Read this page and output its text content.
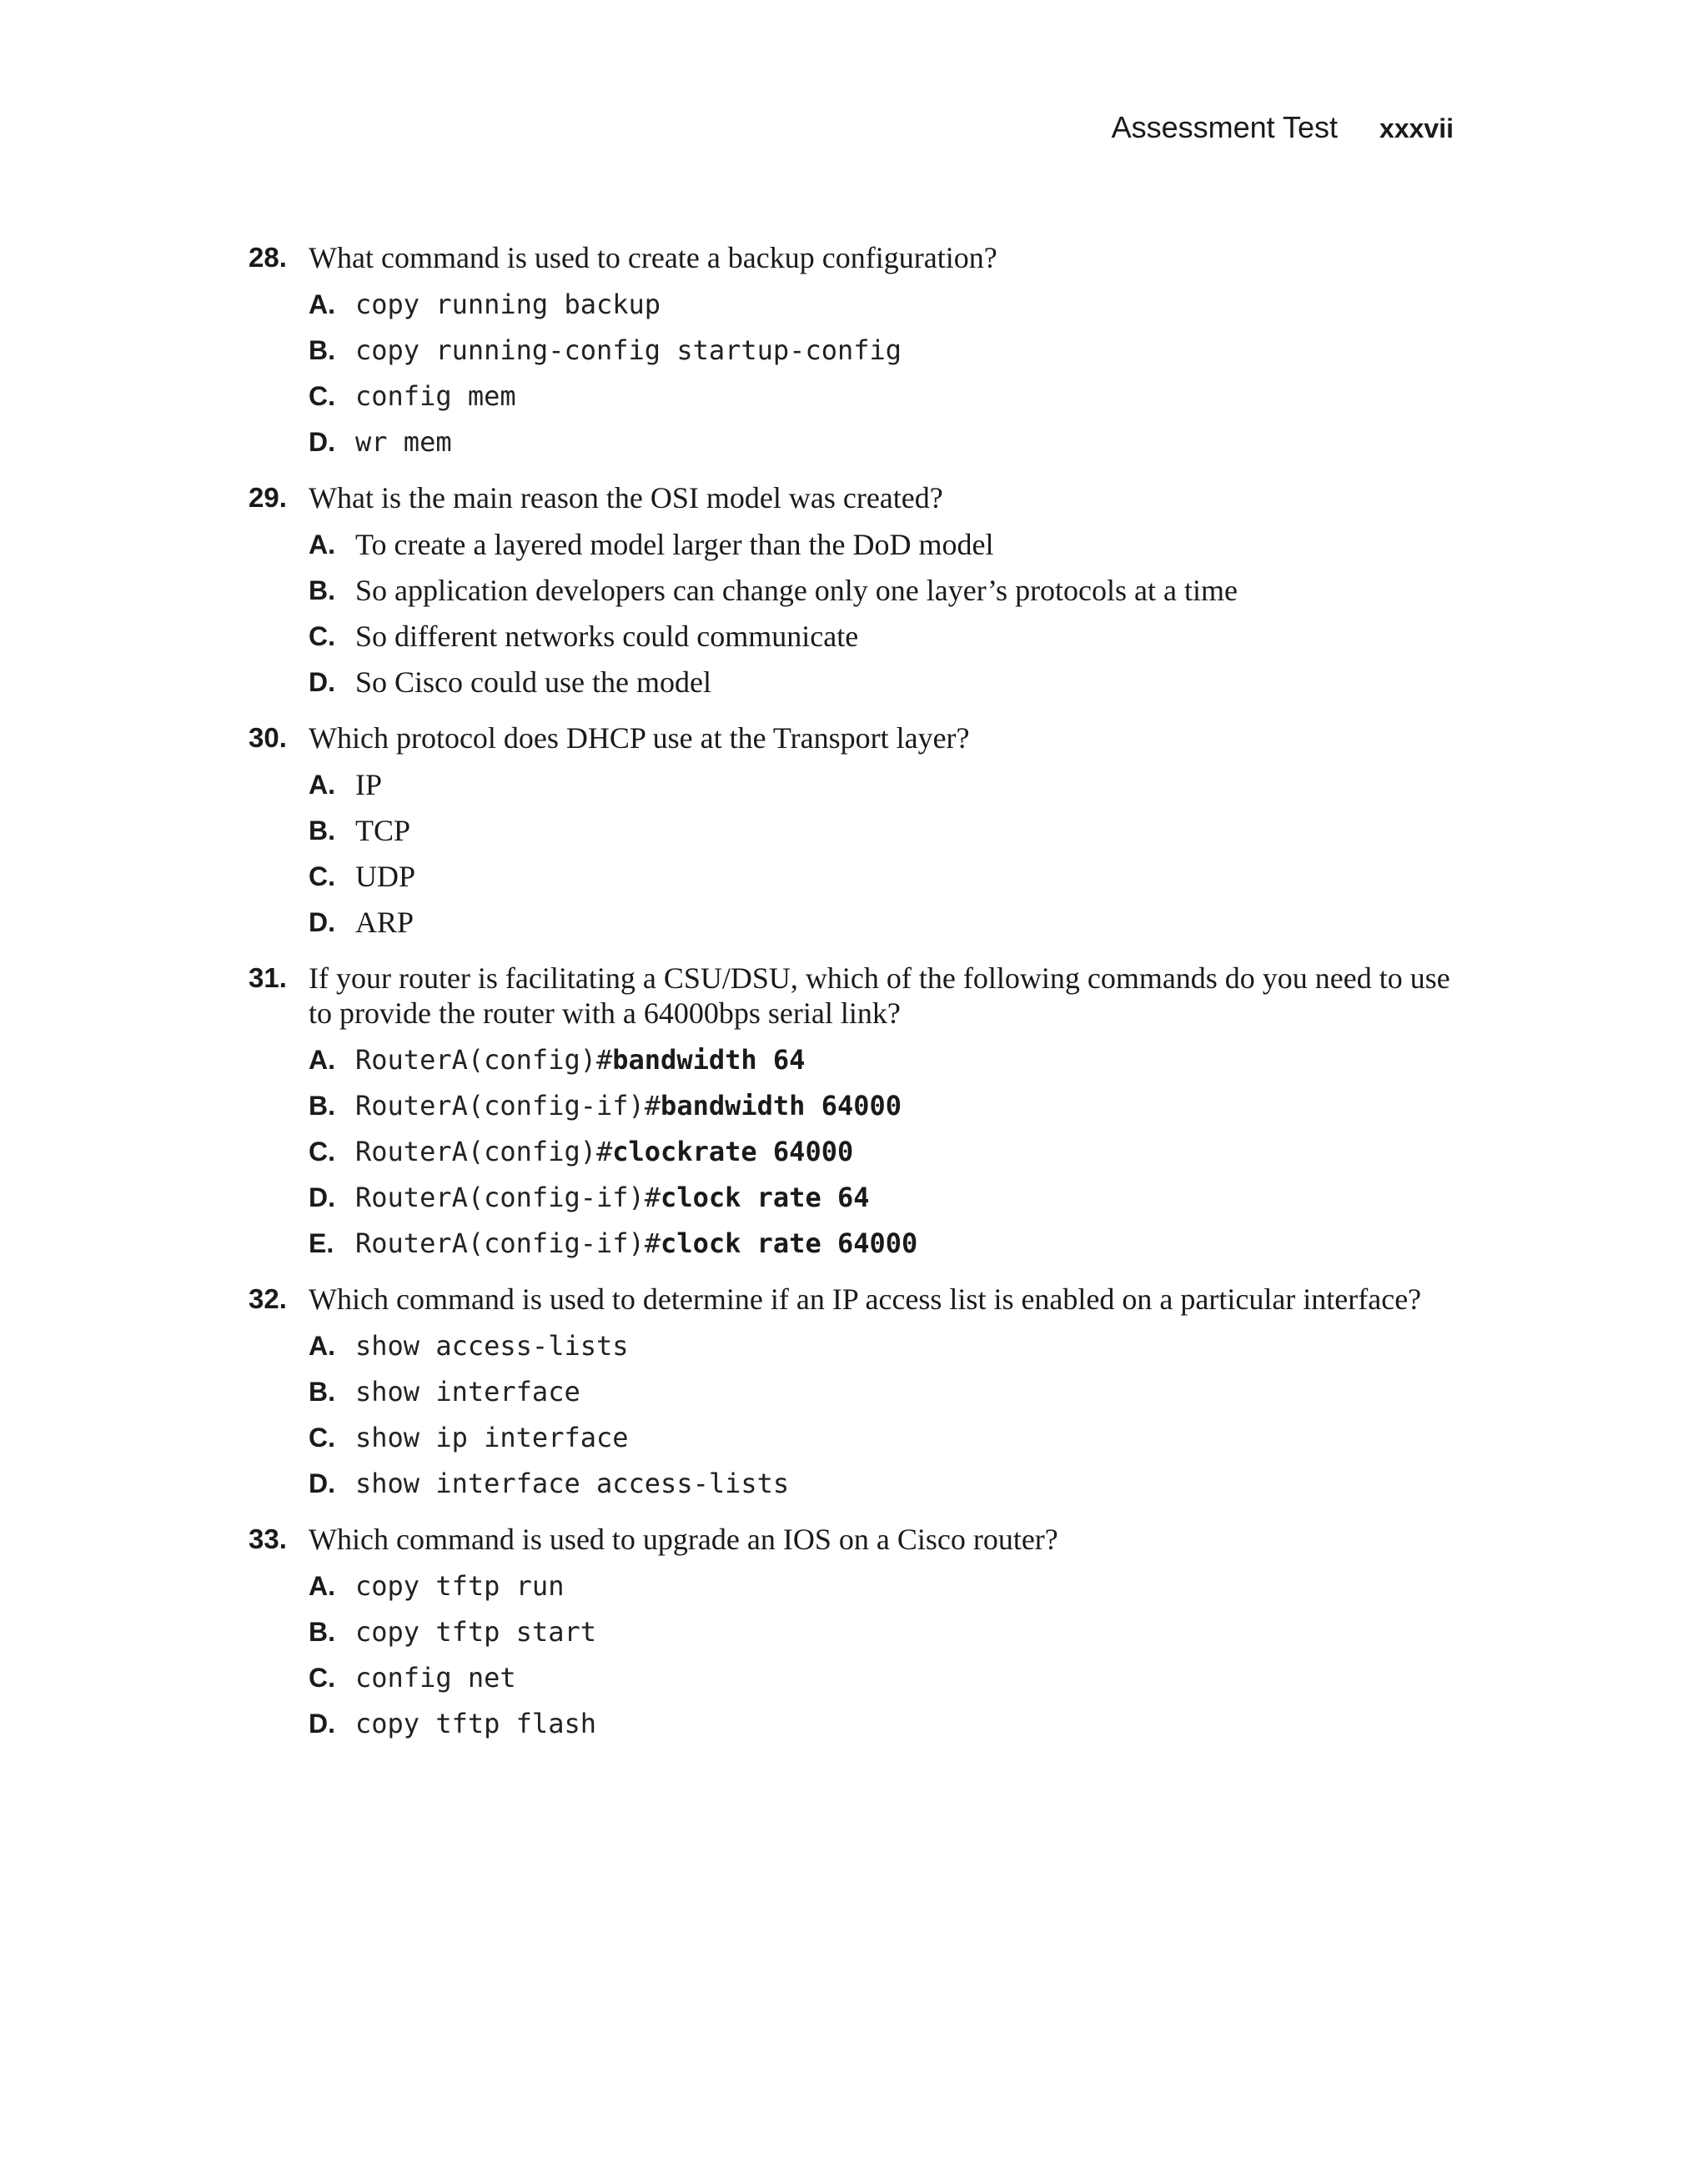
Assessment Test xxxvii
28. What command is used to create a backup configuration?
A. copy running backup
B. copy running-config startup-config
C. config mem
D. wr mem
29. What is the main reason the OSI model was created?
A. To create a layered model larger than the DoD model
B. So application developers can change only one layer’s protocols at a time
C. So different networks could communicate
D. So Cisco could use the model
30. Which protocol does DHCP use at the Transport layer?
A. IP
B. TCP
C. UDP
D. ARP
31. If your router is facilitating a CSU/DSU, which of the following commands do you need to use
to provide the router with a 64000bps serial link?
A. RouterA(config)#bandwidth 64
B. RouterA(config-if)#bandwidth 64000
C. RouterA(config)#clockrate 64000
D. RouterA(config-if)#clock rate 64
E. RouterA(config-if)#clock rate 64000
32. Which command is used to determine if an IP access list is enabled on a particular interface?
A. show access-lists
B. show interface
C. show ip interface
D. show interface access-lists
33. Which command is used to upgrade an IOS on a Cisco router?
A. copy tftp run
B. copy tftp start
C. config net
D. copy tftp flash
